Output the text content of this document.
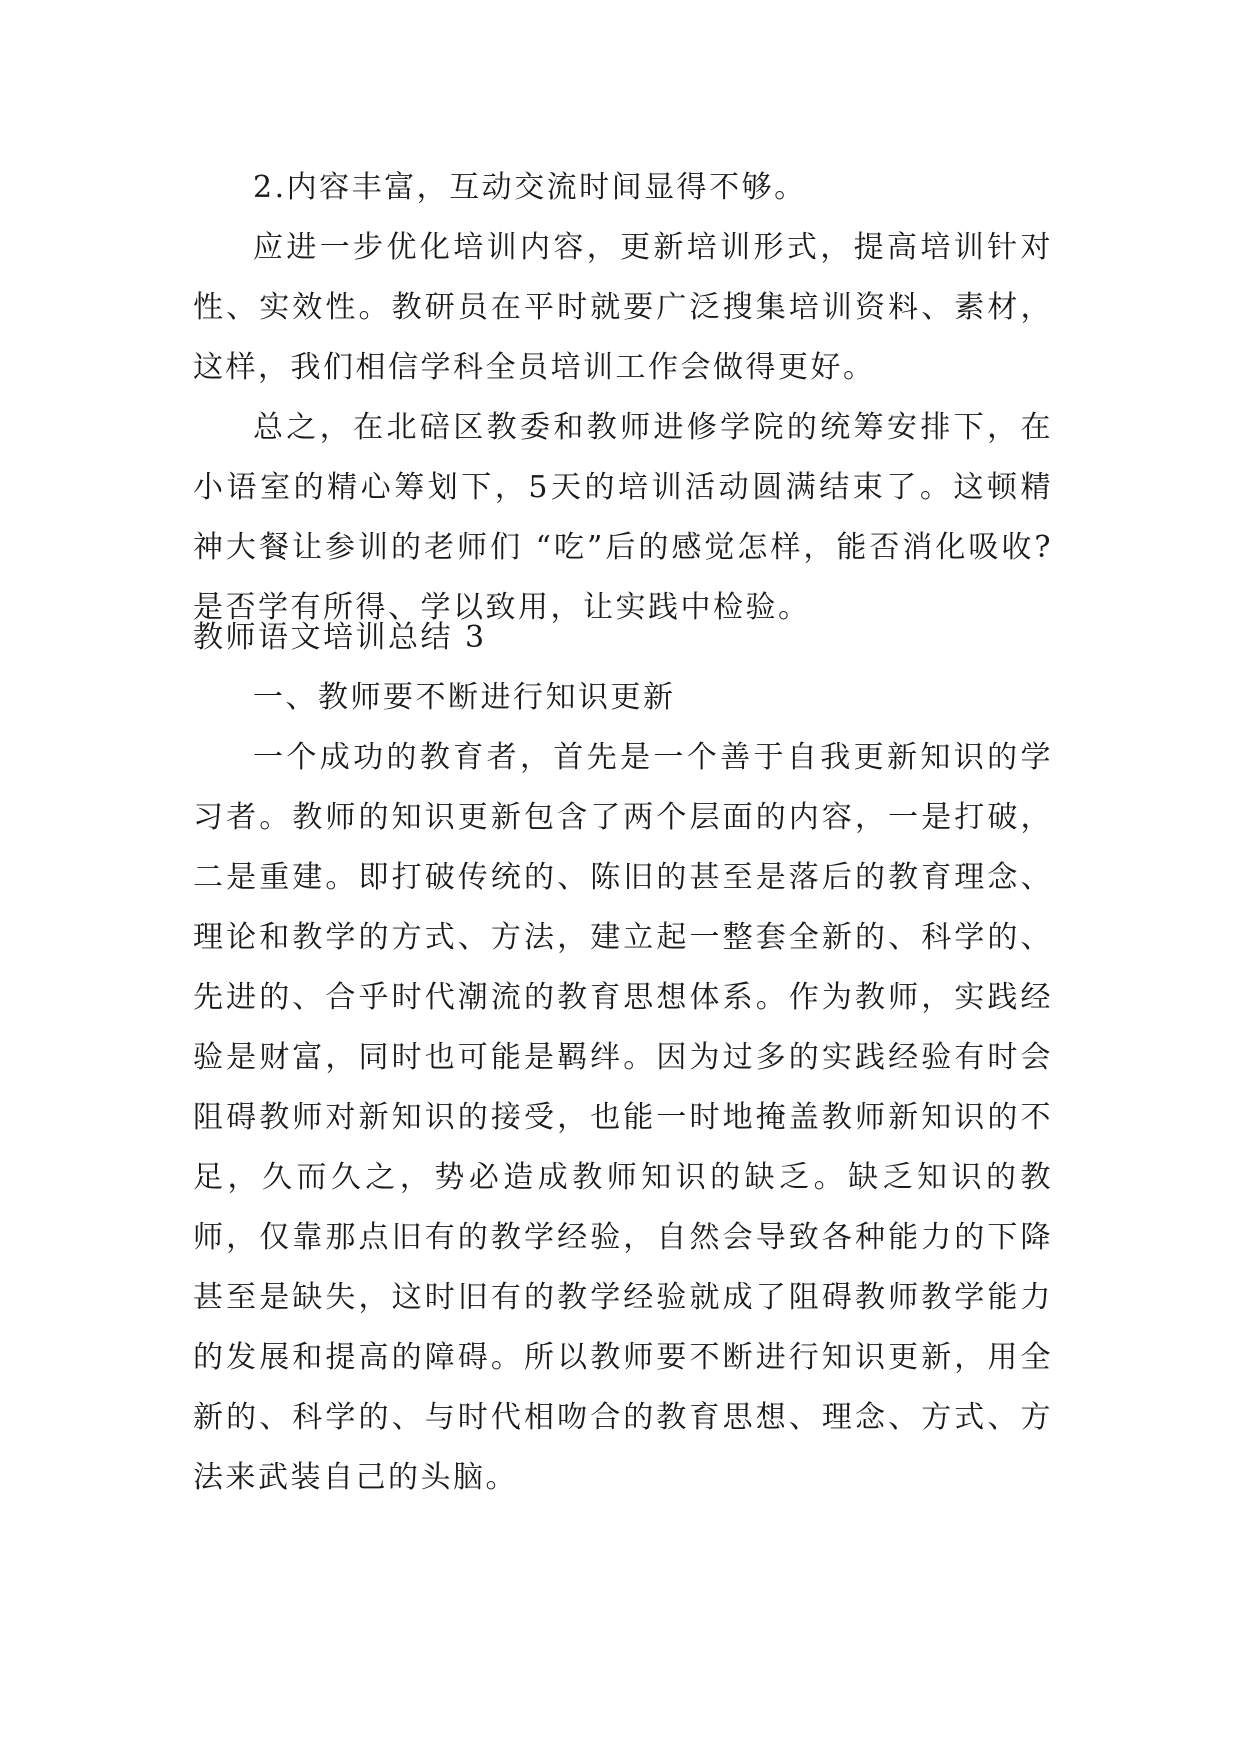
2.内容丰富，互动交流时间显得不够。

应进一步优化培训内容，更新培训形式，提高培训针对性、实效性。教研员在平时就要广泛搜集培训资料、素材，这样，我们相信学科全员培训工作会做得更好。

总之，在北碚区教委和教师进修学院的统筹安排下，在小语室的精心筹划下，5天的培训活动圆满结束了。这顿精神大餐让参训的老师们 “吃”后的感觉怎样，能否消化吸收?是否学有所得、学以致用，让实践中检验。

教师语文培训总结 3

一、教师要不断进行知识更新

一个成功的教育者，首先是一个善于自我更新知识的学习者。教师的知识更新包含了两个层面的内容，一是打破，二是重建。即打破传统的、陈旧的甚至是落后的教育理念、理论和教学的方式、方法，建立起一整套全新的、科学的、先进的、合乎时代潮流的教育思想体系。作为教师，实践经验是财富，同时也可能是羁绊。因为过多的实践经验有时会阻碍教师对新知识的接受，也能一时地掩盖教师新知识的不足，久而久之，势必造成教师知识的缺乏。缺乏知识的教师，仅靠那点旧有的教学经验，自然会导致各种能力的下降甚至是缺失，这时旧有的教学经验就成了阻碍教师教学能力的发展和提高的障碍。所以教师要不断进行知识更新，用全新的、科学的、与时代相吻合的教育思想、理念、方式、方法来武装自己的头脑。
